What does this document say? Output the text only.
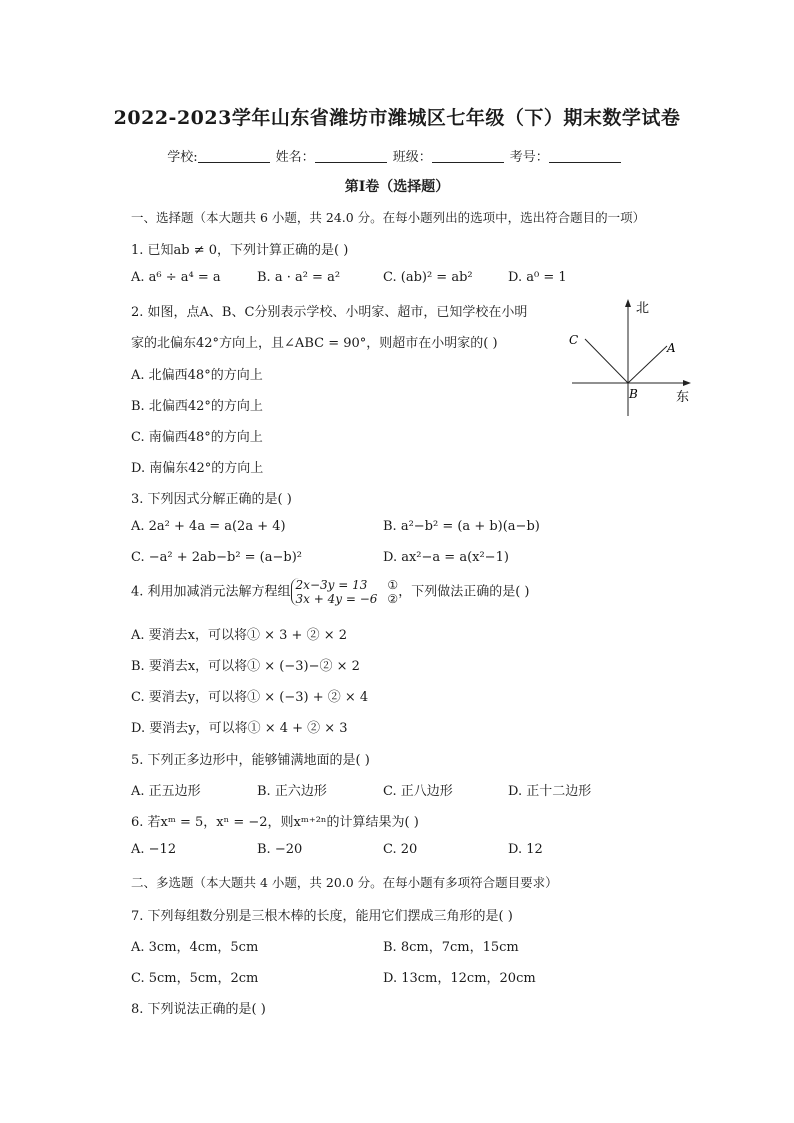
2022-2023学年山东省潍坊市潍城区七年级（下）期末数学试卷
学校:	姓名：	班级：	考号：
第I卷（选择题）
一、选择题（本大题共 6 小题，共 24.0 分。在每小题列出的选项中，选出符合题目的一项）
1. 已知ab ≠ 0，下列计算正确的是( )
A. a⁶ ÷ a⁴ = a	B. a · a² = a²	C. (ab)² = ab²	D. a⁰ = 1
2. 如图，点A、B、C分别表示学校、小明家、超市，已知学校在小明
家的北偏东42°方向上，且∠ABC = 90°，则超市在小明家的( )
A. 北偏西48°的方向上
B. 北偏西42°的方向上
C. 南偏西48°的方向上
D. 南偏东42°的方向上
北
东
A
B
C
3. 下列因式分解正确的是( )
A. 2a² + 4a = a(2a + 4)	B. a²−b² = (a + b)(a−b)
C. −a² + 2ab−b² = (a−b)²	D. ax²−a = a(x²−1)
4. 利用加减消元法解方程组 2x−3y = 13
3x + 4y = −6
①
② ，下列做法正确的是( )
A. 要消去x，可以将① × 3 + ② × 2
B. 要消去x，可以将① × (−3)−② × 2
C. 要消去y，可以将① × (−3) + ② × 4
D. 要消去y，可以将① × 4 + ② × 3
5. 下列正多边形中，能够铺满地面的是( )
A. 正五边形	B. 正六边形	C. 正八边形	D. 正十二边形
6. 若xᵐ = 5，xⁿ = −2，则xᵐ⁺²ⁿ的计算结果为( )
A. −12	B. −20	C. 20	D. 12
二、多选题（本大题共 4 小题，共 20.0 分。在每小题有多项符合题目要求）
7. 下列每组数分别是三根木棒的长度，能用它们摆成三角形的是( )
A. 3cm，4cm，5cm	B. 8cm，7cm，15cm
C. 5cm，5cm，2cm	D. 13cm，12cm，20cm
8. 下列说法正确的是( )
